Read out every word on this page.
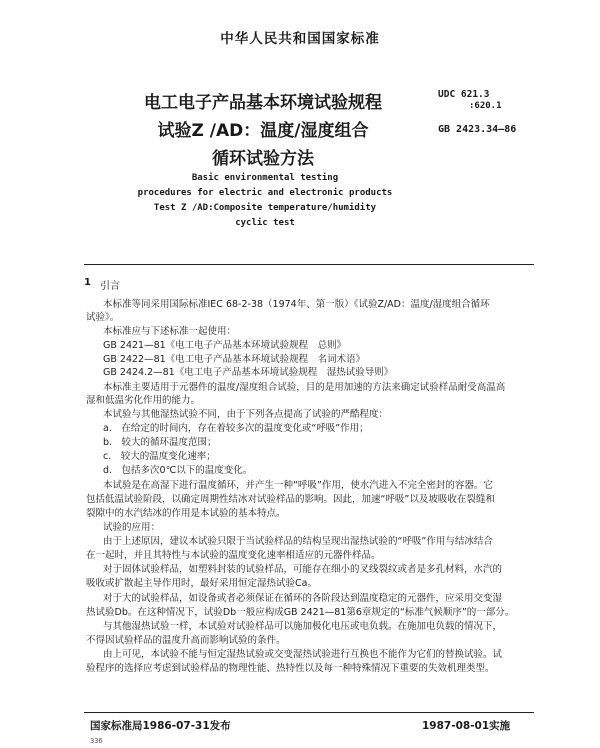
中华人民共和国国家标准
电工电子产品基本环境试验规程
试验Z /AD：温度/湿度组合
循环试验方法
UDC 621.3
:620.1
GB 2423.34—86
Basic environmental testing
procedures for electric and electronic products
Test Z /AD:Composite temperature/humidity
cyclic test
1 引言
本标准等同采用国际标准IEC 68-2-38（1974年、第一版）《试验Z/AD：温度/湿度组合循环
试验》。
本标准应与下述标准一起使用：
GB 2421—81《电工电子产品基本环境试验规程　总则》
GB 2422—81《电工电子产品基本环境试验规程　名词术语》
GB 2424.2—81《电工电子产品基本环境试验规程　湿热试验导则》
本标准主要适用于元器件的温度/湿度组合试验，目的是用加速的方法来确定试验样品耐受高温高
湿和低温劣化作用的能力。
本试验与其他湿热试验不同，由于下列各点提高了试验的严酷程度：
a.　在给定的时间内，存在着较多次的温度变化或“呼吸”作用；
b.　较大的循环温度范围；
c.　较大的温度变化速率；
d.　包括多次0℃以下的温度变化。
本试验是在高湿下进行温度循环，并产生一种“呼吸”作用，使水汽进入不完全密封的容器。它
包括低温试验阶段，以确定周期性结冰对试验样品的影响。因此，加速“呼吸”以及坡吸收在裂缝和
裂隙中的水汽结冰的作用是本试验的基本特点。
试验的应用：
由于上述原因，建议本试验只限于当试验样品的结构呈现出湿热试验的“呼吸”作用与结冰结合
在一起时，并且其特性与本试验的温度变化速率相适应的元器件样品。
对于固体试验样品，如塑料封装的试验样品，可能存在细小的叉线裂纹或者是多孔材料，水汽的
吸收或扩散起主导作用时，最好采用恒定湿热试验Ca。
对于大的试验样品，如设备或者必须保证在循环的各阶段达到温度稳定的元器件，应采用交变湿
热试验Db。在这种情况下，试验Db一般应构成GB 2421—81第6章规定的“标准气候顺序”的一部分。
与其他湿热试验一样，本试验对试验样品可以施加极化电压或电负载。在施加电负载的情况下，
不得因试验样品的温度升高而影响试验的条件。
由上可见，本试验不能与恒定湿热试验或交变湿热试验进行互换也不能作为它们的替换试验。试
验程序的选择应考虑到试验样品的物理性能、热特性以及每一种特殊情况下重要的失效机理类型。
国家标准局1986-07-31发布	1987-08-01实施
336
